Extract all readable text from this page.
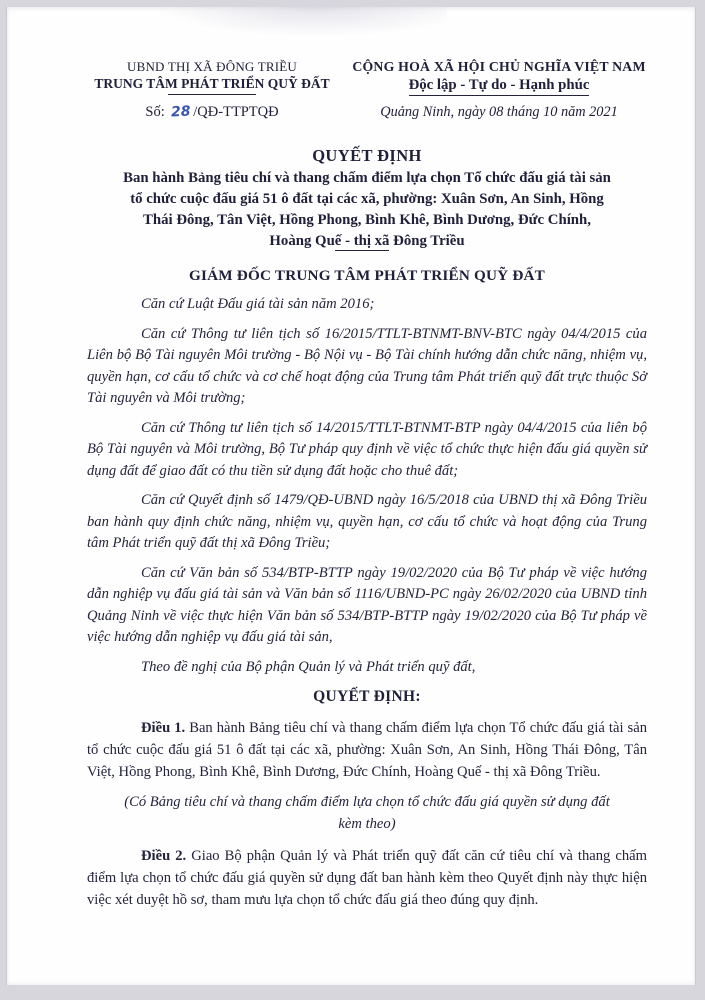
UBND THỊ XÃ ĐÔNG TRIỀU
TRUNG TÂM PHÁT TRIỂN QUỸ ĐẤT
Số: 28 /QĐ-TTPTQĐ
CỘNG HOÀ XÃ HỘI CHỦ NGHĨA VIỆT NAM
Độc lập - Tự do - Hạnh phúc
Quảng Ninh, ngày 08 tháng 10 năm 2021
QUYẾT ĐỊNH
Ban hành Bảng tiêu chí và thang chấm điểm lựa chọn Tổ chức đấu giá tài sản
tổ chức cuộc đấu giá 51 ô đất tại các xã, phường: Xuân Sơn, An Sinh, Hồng
Thái Đông, Tân Việt, Hồng Phong, Bình Khê, Bình Dương, Đức Chính,
Hoàng Quế - thị xã Đông Triều
GIÁM ĐỐC TRUNG TÂM PHÁT TRIỂN QUỸ ĐẤT

Căn cứ Luật Đấu giá tài sản năm 2016;

Căn cứ Thông tư liên tịch số 16/2015/TTLT-BTNMT-BNV-BTC ngày 04/4/2015 của Liên bộ Bộ Tài nguyên Môi trường - Bộ Nội vụ - Bộ Tài chính hướng dẫn chức năng, nhiệm vụ, quyền hạn, cơ cấu tổ chức và cơ chế hoạt động của Trung tâm Phát triển quỹ đất trực thuộc Sở Tài nguyên và Môi trường;

Căn cứ Thông tư liên tịch số 14/2015/TTLT-BTNMT-BTP ngày 04/4/2015 của liên bộ Bộ Tài nguyên và Môi trường, Bộ Tư pháp quy định về việc tổ chức thực hiện đấu giá quyền sử dụng đất để giao đất có thu tiền sử dụng đất hoặc cho thuê đất;

Căn cứ Quyết định số 1479/QĐ-UBND ngày 16/5/2018 của UBND thị xã Đông Triều ban hành quy định chức năng, nhiệm vụ, quyền hạn, cơ cấu tổ chức và hoạt động của Trung tâm Phát triển quỹ đất thị xã Đông Triều;

Căn cứ Văn bản số 534/BTP-BTTP ngày 19/02/2020 của Bộ Tư pháp về việc hướng dẫn nghiệp vụ đấu giá tài sản và Văn bản số 1116/UBND-PC ngày 26/02/2020 của UBND tỉnh Quảng Ninh về việc thực hiện Văn bản số 534/BTP-BTTP ngày 19/02/2020 của Bộ Tư pháp về việc hướng dẫn nghiệp vụ đấu giá tài sản,

Theo đề nghị của Bộ phận Quản lý và Phát triển quỹ đất,

QUYẾT ĐỊNH:

Điều 1. Ban hành Bảng tiêu chí và thang chấm điểm lựa chọn Tổ chức đấu giá tài sản tổ chức cuộc đấu giá 51 ô đất tại các xã, phường: Xuân Sơn, An Sinh, Hồng Thái Đông, Tân Việt, Hồng Phong, Bình Khê, Bình Dương, Đức Chính, Hoàng Quế - thị xã Đông Triều.

(Có Bảng tiêu chí và thang chấm điểm lựa chọn tổ chức đấu giá quyền sử dụng đất kèm theo)

Điều 2. Giao Bộ phận Quản lý và Phát triển quỹ đất căn cứ tiêu chí và thang chấm điểm lựa chọn tổ chức đấu giá quyền sử dụng đất ban hành kèm theo Quyết định này thực hiện việc xét duyệt hồ sơ, tham mưu lựa chọn tổ chức đấu giá theo đúng quy định.
